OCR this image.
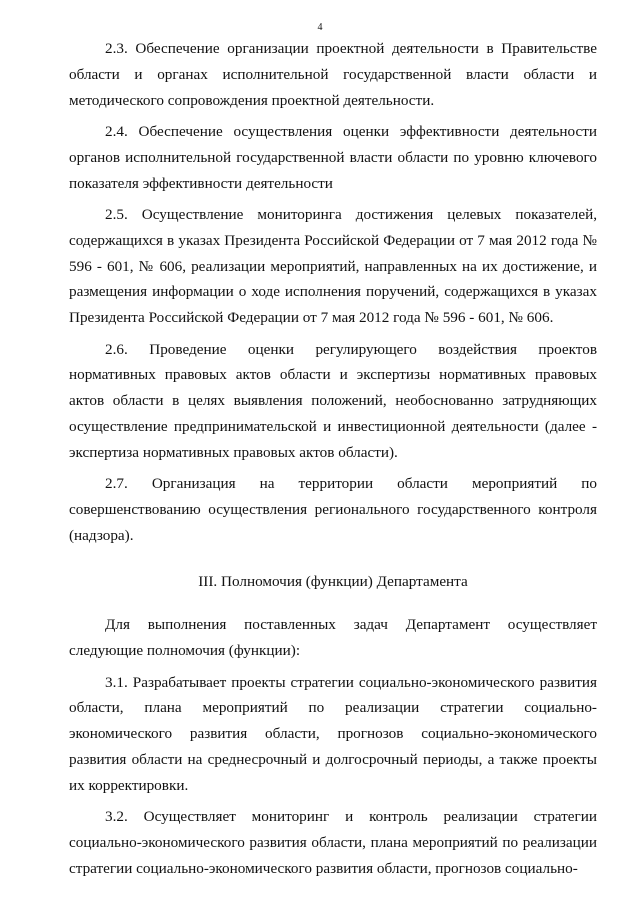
4

2.3. Обеспечение организации проектной деятельности в Правительстве области и органах исполнительной государственной власти области и методического сопровождения проектной деятельности.

2.4. Обеспечение осуществления оценки эффективности деятельности органов исполнительной государственной власти области по уровню ключевого показателя эффективности деятельности

2.5. Осуществление мониторинга достижения целевых показателей, содержащихся в указах Президента Российской Федерации от 7 мая 2012 года № 596 - 601, № 606, реализации мероприятий, направленных на их достижение, и размещения информации о ходе исполнения поручений, содержащихся в указах Президента Российской Федерации от 7 мая 2012 года № 596 - 601, № 606.

2.6. Проведение оценки регулирующего воздействия проектов нормативных правовых актов области и экспертизы нормативных правовых актов области в целях выявления положений, необоснованно затрудняющих осуществление предпринимательской и инвестиционной деятельности (далее - экспертиза нормативных правовых актов области).

2.7. Организация на территории области мероприятий по совершенствованию осуществления регионального государственного контроля (надзора).

III. Полномочия (функции) Департамента

Для выполнения поставленных задач Департамент осуществляет следующие полномочия (функции):

3.1. Разрабатывает проекты стратегии социально-экономического развития области, плана мероприятий по реализации стратегии социально-экономического развития области, прогнозов социально-экономического развития области на среднесрочный и долгосрочный периоды, а также проекты их корректировки.

3.2. Осуществляет мониторинг и контроль реализации стратегии социально-экономического развития области, плана мероприятий по реализации стратегии социально-экономического развития области, прогнозов социально-
